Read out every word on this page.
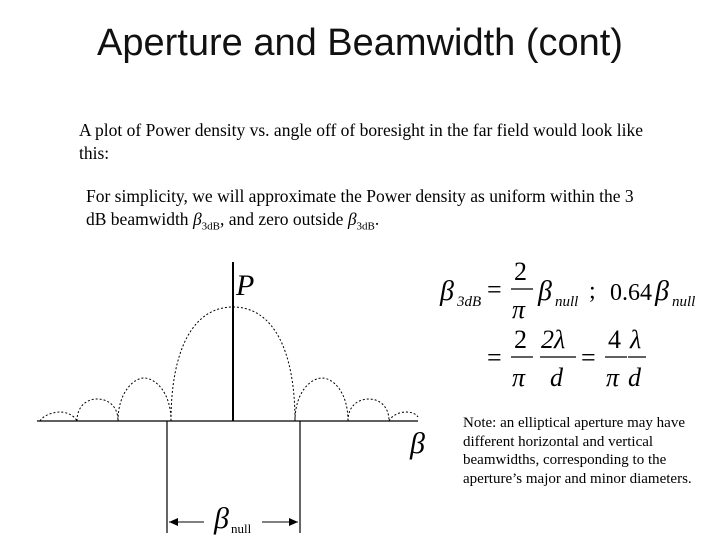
Aperture and Beamwidth (cont)

A plot of Power density vs. angle off of boresight in the far field would look like this:

For simplicity, we will approximate the Power density as uniform within the 3 dB beamwidth $\beta_{3dB}$, and zero outside $\beta_{3dB}$.

P
β
β null
β 3dB =
2
π
β null ; 0.64 β null
=
2
π
2λ
d
=
4
π
λ
d
Note: an elliptical aperture may have different horizontal and vertical beamwidths, corresponding to the aperture’s major and minor diameters.
